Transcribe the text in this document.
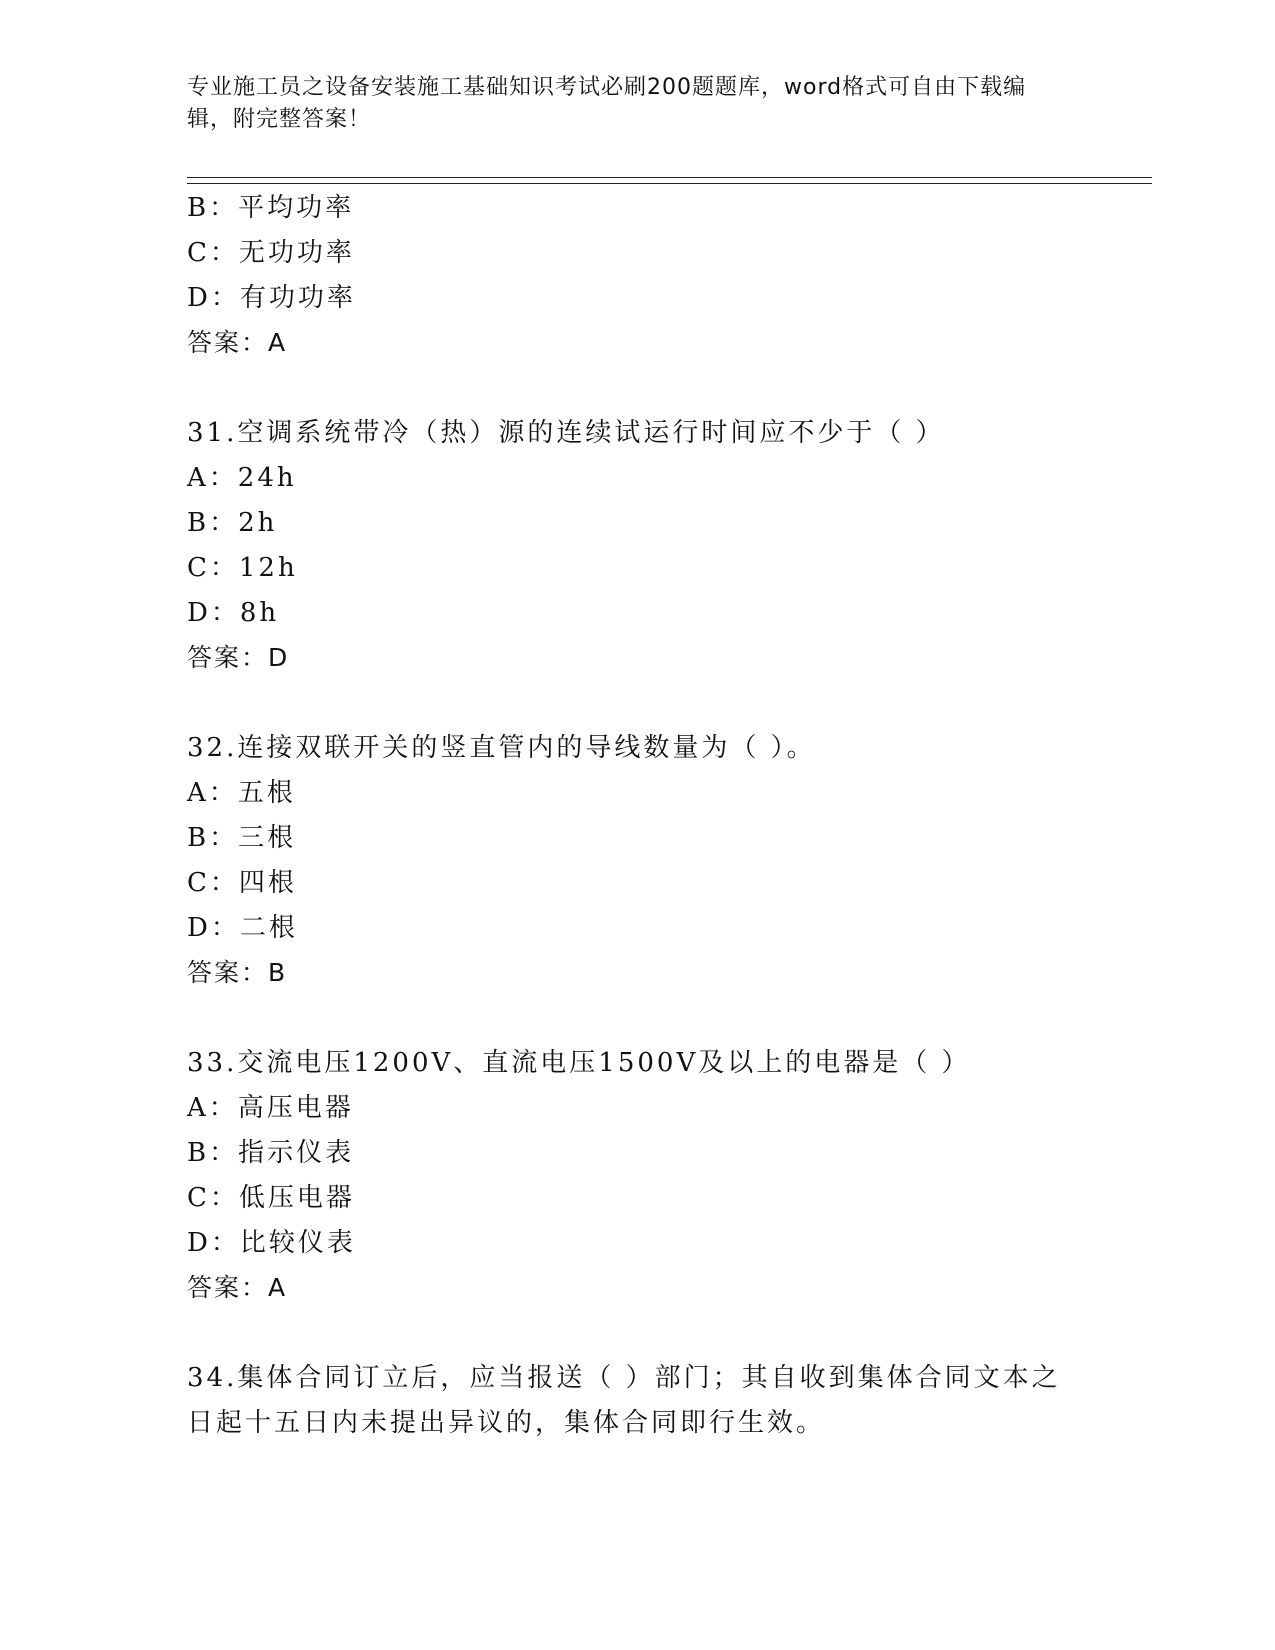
专业施工员之设备安装施工基础知识考试必刷200题题库，word格式可自由下载编辑，附完整答案！
B：平均功率
C：无功功率
D：有功功率
答案：A
31.空调系统带冷（热）源的连续试运行时间应不少于（ ）
A：24h
B：2h
C：12h
D：8h
答案：D
32.连接双联开关的竖直管内的导线数量为（ ）。
A：五根
B：三根
C：四根
D：二根
答案：B
33.交流电压1200V、直流电压1500V及以上的电器是（ ）
A：高压电器
B：指示仪表
C：低压电器
D：比较仪表
答案：A
34.集体合同订立后，应当报送（ ）部门；其自收到集体合同文本之
日起十五日内未提出异议的，集体合同即行生效。
